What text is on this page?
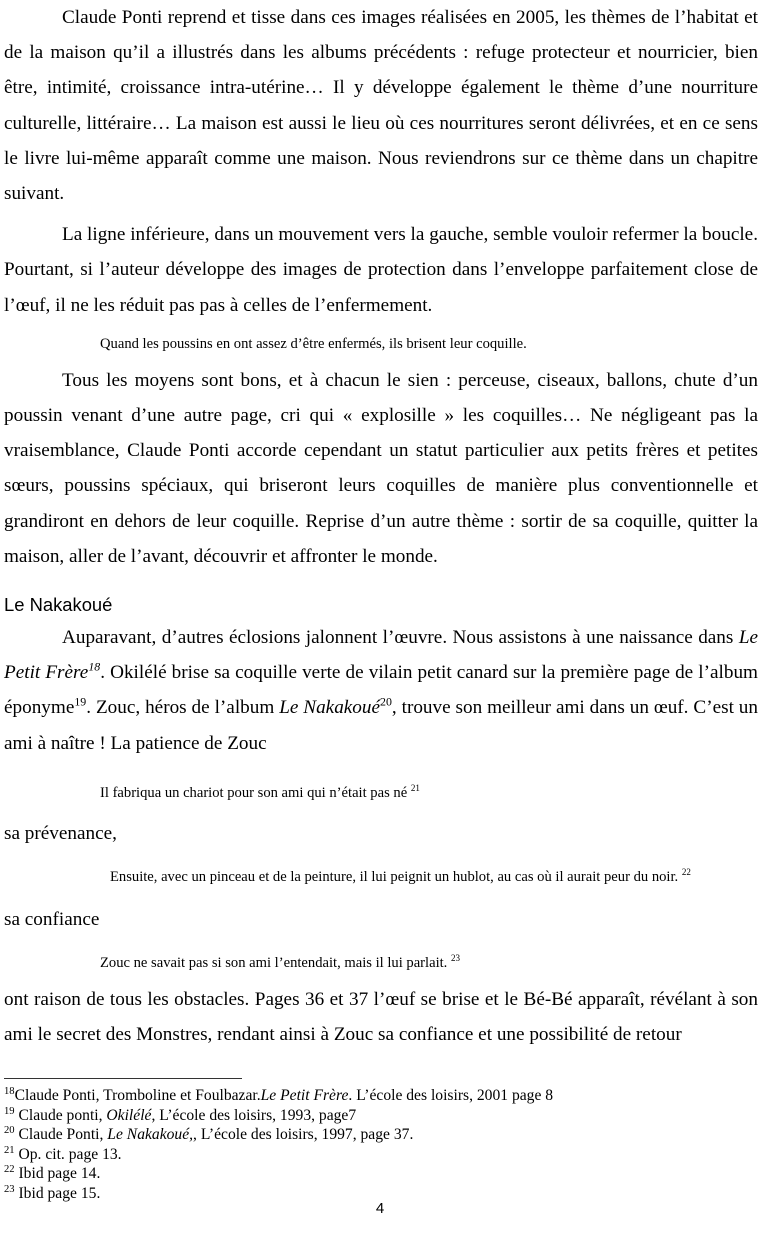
Claude Ponti reprend et tisse dans ces images réalisées en 2005, les thèmes de l’habitat et de la maison qu’il a illustrés dans les albums précédents : refuge protecteur et nourricier, bien être, intimité, croissance intra-utérine… Il y développe également le thème d’une nourriture culturelle, littéraire… La maison est aussi le lieu où ces nourritures seront délivrées, et en ce sens le livre lui-même apparaît comme une maison. Nous reviendrons sur ce thème dans un chapitre suivant.

La ligne inférieure, dans un mouvement vers la gauche, semble vouloir refermer la boucle. Pourtant, si l’auteur développe des images de protection dans l’enveloppe parfaitement close de l’œuf, il ne les réduit pas pas à celles de l’enfermement.

Quand les poussins en ont assez d’être enfermés, ils brisent leur coquille.

Tous les moyens sont bons, et à chacun le sien : perceuse, ciseaux, ballons, chute d’un poussin venant d’une autre page, cri qui « explosille » les coquilles… Ne négligeant pas la vraisemblance, Claude Ponti accorde cependant un statut particulier aux petits frères et petites sœurs, poussins spéciaux, qui briseront leurs coquilles de manière plus conventionnelle et grandiront en dehors de leur coquille. Reprise d’un autre thème : sortir de sa coquille, quitter la maison, aller de l’avant, découvrir et affronter le monde.

Le Nakakoué

Auparavant, d’autres éclosions jalonnent l’œuvre. Nous assistons à une naissance dans Le Petit Frère$^{18}$. Okilélé brise sa coquille verte de vilain petit canard sur la première page de l’album éponyme$^{19}$. Zouc, héros de l’album Le Nakakoué$^{20}$, trouve son meilleur ami dans un œuf. C’est un ami à naître ! La patience de Zouc

Il fabriqua un chariot pour son ami qui n’était pas né $^{21}$

sa prévenance,

Ensuite, avec un pinceau et de la peinture, il lui peignit un hublot, au cas où il aurait peur du noir. $^{22}$

sa confiance

Zouc ne savait pas si son ami l’entendait, mais il lui parlait. $^{23}$

ont raison de tous les obstacles. Pages 36 et 37 l’œuf se brise et le Bé-Bé apparaît, révélant à son ami le secret des Monstres, rendant ainsi à Zouc sa confiance et une possibilité de retour

$^{18}$Claude Ponti, Tromboline et Foulbazar.Le Petit Frère. L’école des loisirs, 2001 page 8

$^{19}$ Claude ponti, Okilélé, L’école des loisirs, 1993, page7

$^{20}$ Claude Ponti, Le Nakakoué,, L’école des loisirs, 1997, page 37.

$^{21}$ Op. cit. page 13.

$^{22}$ Ibid page 14.

$^{23}$ Ibid page 15.

4
